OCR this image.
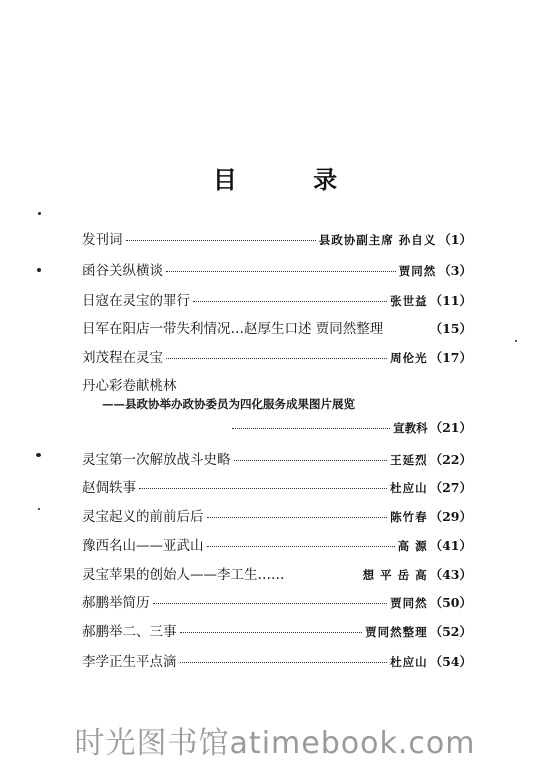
目 录
发刊词	县政协副主席 孙自义 （1）
函谷关纵横谈	贾同然 （3）
日寇在灵宝的罪行	张世益 （11）
日军在阳店一带失利情况…赵厚生口述 贾同然整理	（15）
刘茂程在灵宝	周伦光 （17）
丹心彩卷献桃林
——县政协举办政协委员为四化服务成果图片展览
宣教科 （21）
灵宝第一次解放战斗史略	王延烈 （22）
赵倜轶事	杜应山 （27）
灵宝起义的前前后后	陈竹春 （29）
豫西名山——亚武山	高 源 （41）
灵宝苹果的创始人——李工生……	想 平 岳 高 （43）
郝鹏举简历	贾同然 （50）
郝鹏举二、三事	贾同然整理 （52）
李学正生平点滴	杜应山 （54）
时光图书馆atimebook.com
